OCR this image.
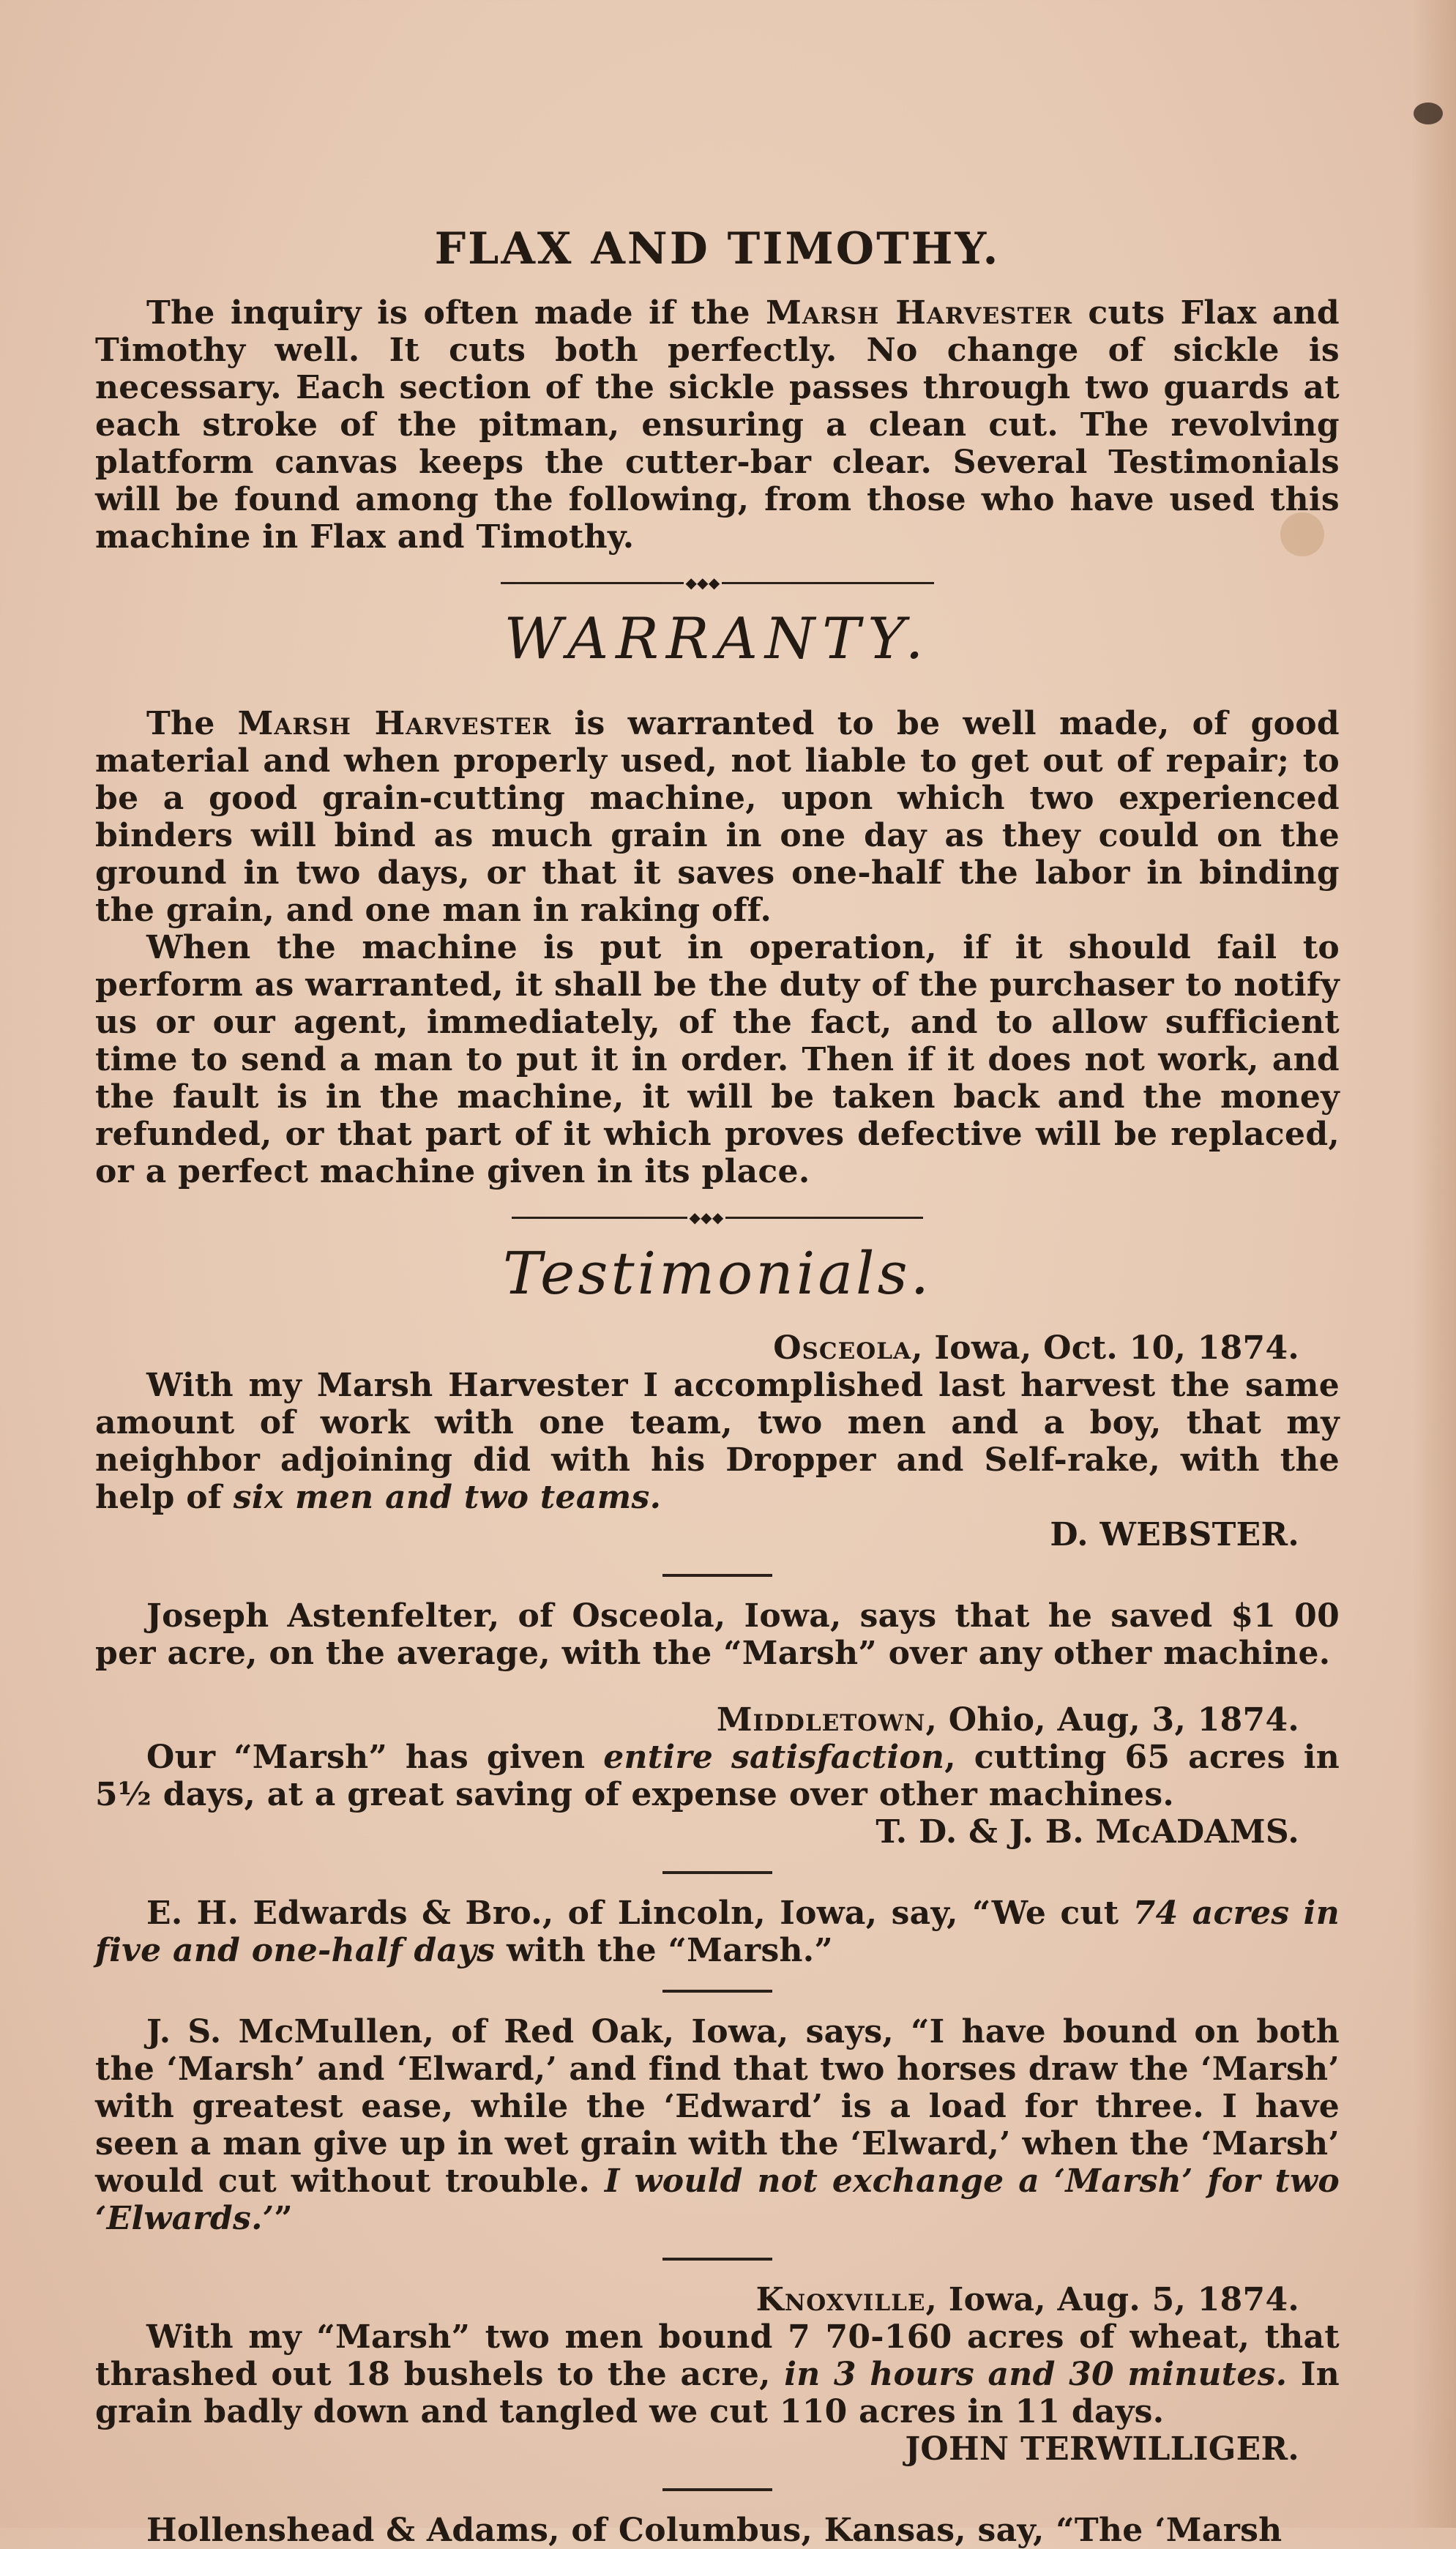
FLAX AND TIMOTHY.

The inquiry is often made if the Marsh Harvester cuts Flax and Timothy well. It cuts both perfectly. No change of sickle is necessary. Each section of the sickle passes through two guards at each stroke of the pitman, ensuring a clean cut. The revolving platform canvas keeps the cutter-bar clear. Several Testimonials will be found among the following, from those who have used this machine in Flax and Timothy.

◆◆◆
WARRANTY.

The Marsh Harvester is warranted to be well made, of good material and when properly used, not liable to get out of repair; to be a good grain-cutting machine, upon which two experienced binders will bind as much grain in one day as they could on the ground in two days, or that it saves one-half the labor in binding the grain, and one man in raking off.

When the machine is put in operation, if it should fail to perform as warranted, it shall be the duty of the purchaser to notify us or our agent, immediately, of the fact, and to allow sufficient time to send a man to put it in order. Then if it does not work, and the fault is in the machine, it will be taken back and the money refunded, or that part of it which proves defective will be replaced, or a perfect machine given in its place.

◆◆◆
Testimonials.
Osceola, Iowa, Oct. 10, 1874.

With my Marsh Harvester I accomplished last harvest the same amount of work with one team, two men and a boy, that my neighbor adjoining did with his Dropper and Self-rake, with the help of six men and two teams.

D. WEBSTER.

Joseph Astenfelter, of Osceola, Iowa, says that he saved $1 00 per acre, on the average, with the “Marsh” over any other machine.

Middletown, Ohio, Aug, 3, 1874.

Our “Marsh” has given entire satisfaction, cutting 65 acres in 5½ days, at a great saving of expense over other machines.

T. D. & J. B. McADAMS.

E. H. Edwards & Bro., of Lincoln, Iowa, say, “We cut 74 acres in five and one-half days with the “Marsh.”

J. S. McMullen, of Red Oak, Iowa, says, “I have bound on both the ‘Marsh’ and ‘Elward,’ and find that two horses draw the ‘Marsh’ with greatest ease, while the ‘Edward’ is a load for three. I have seen a man give up in wet grain with the ‘Elward,’ when the ‘Marsh’ would cut without trouble. I would not exchange a ‘Marsh’ for two ‘Elwards.’”

Knoxville, Iowa, Aug. 5, 1874.

With my “Marsh” two men bound 7 70-160 acres of wheat, that thrashed out 18 bushels to the acre, in 3 hours and 30 minutes. In grain badly down and tangled we cut 110 acres in 11 days.

JOHN TERWILLIGER.

Hollenshead & Adams, of Columbus, Kansas, say, “The ‘Marsh
